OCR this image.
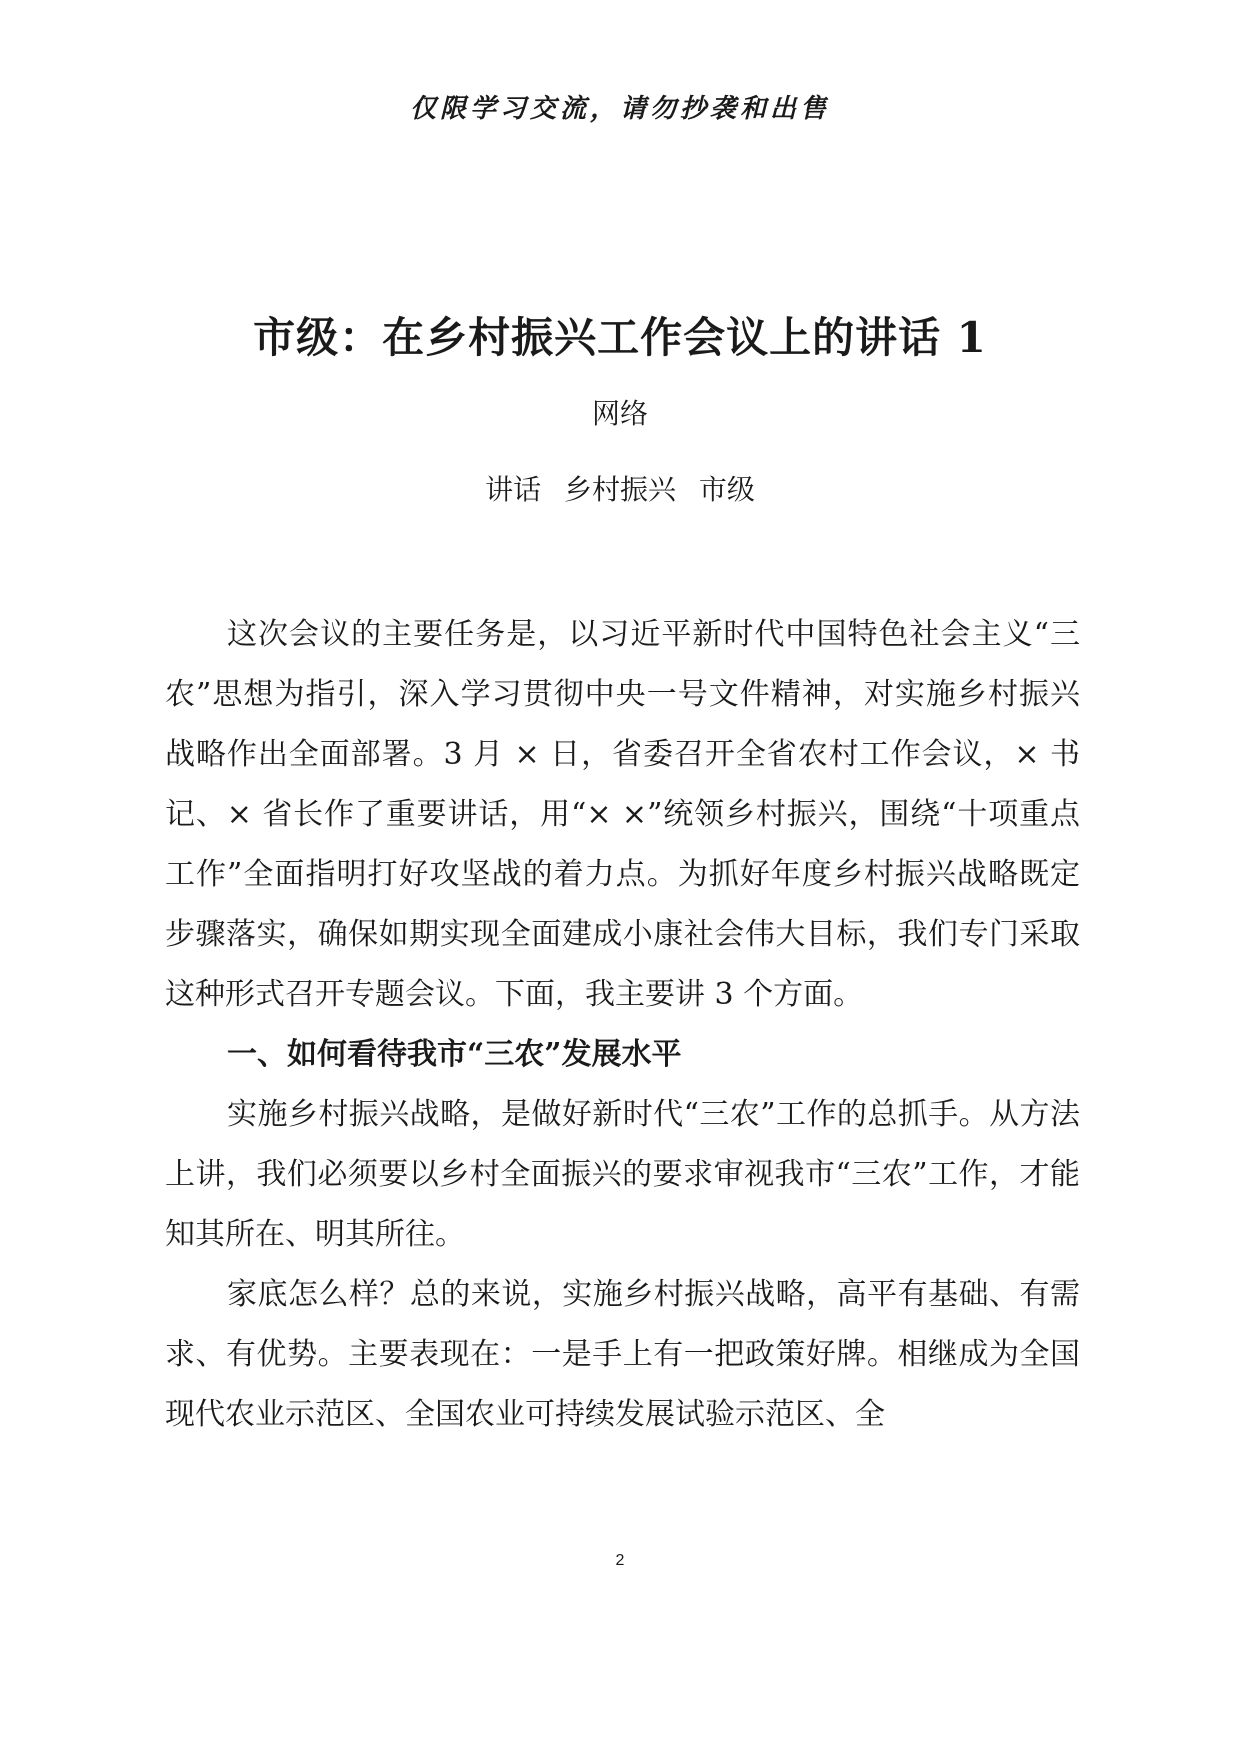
仅限学习交流，请勿抄袭和出售
市级：在乡村振兴工作会议上的讲话 1
网络
讲话 乡村振兴 市级

这次会议的主要任务是，以习近平新时代中国特色社会主义“三农”思想为指引，深入学习贯彻中央一号文件精神，对实施乡村振兴战略作出全面部署。3 月 × 日，省委召开全省农村工作会议，× 书记、× 省长作了重要讲话，用“× ×”统领乡村振兴，围绕“十项重点工作”全面指明打好攻坚战的着力点。为抓好年度乡村振兴战略既定步骤落实，确保如期实现全面建成小康社会伟大目标，我们专门采取这种形式召开专题会议。下面，我主要讲 3 个方面。

一、如何看待我市“三农”发展水平

实施乡村振兴战略，是做好新时代“三农”工作的总抓手。从方法上讲，我们必须要以乡村全面振兴的要求审视我市“三农”工作，才能知其所在、明其所往。

家底怎么样？总的来说，实施乡村振兴战略，高平有基础、有需求、有优势。主要表现在：一是手上有一把政策好牌。相继成为全国现代农业示范区、全国农业可持续发展试验示范区、全

2
